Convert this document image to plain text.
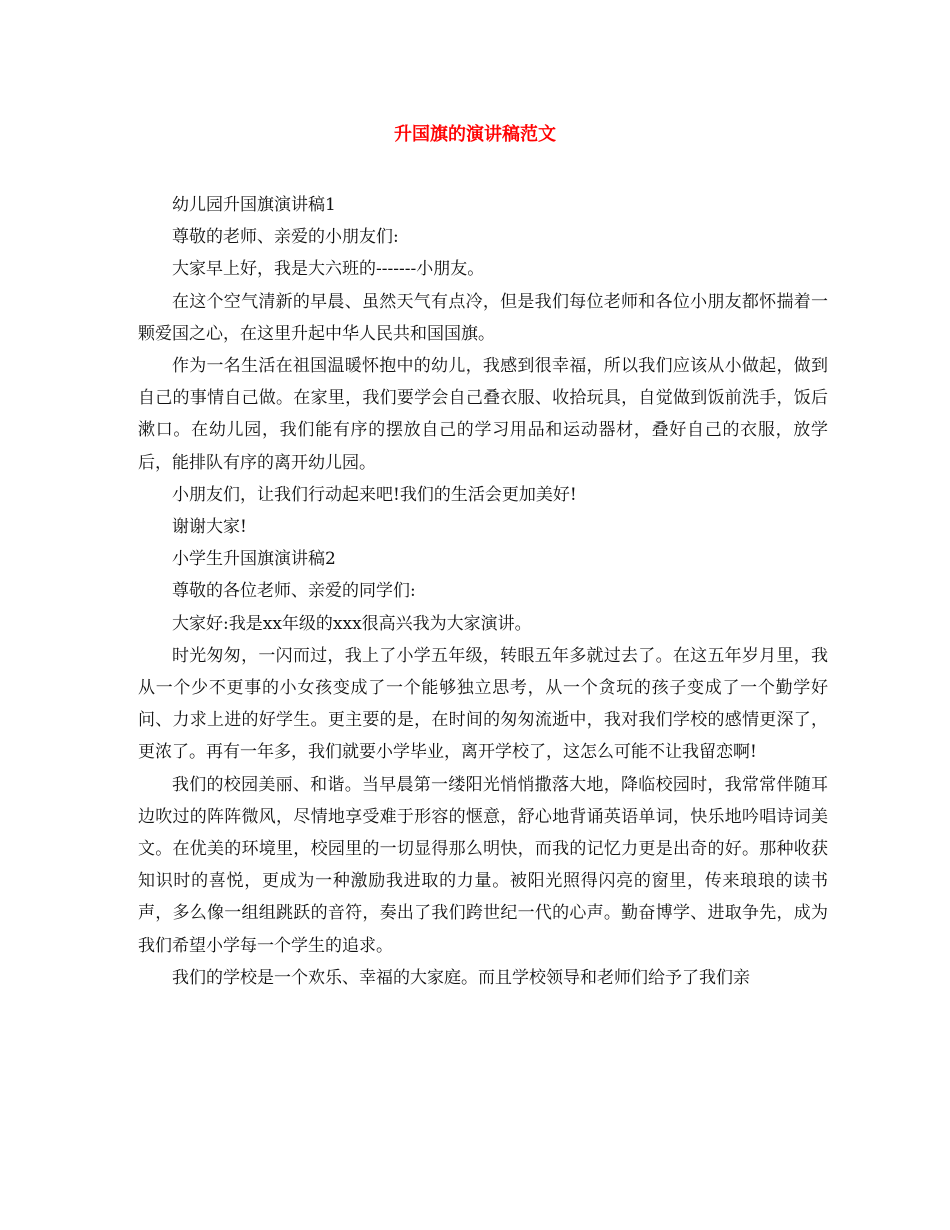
升国旗的演讲稿范文

幼儿园升国旗演讲稿1

尊敬的老师、亲爱的小朋友们:

大家早上好，我是大六班的-------小朋友。

在这个空气清新的早晨、虽然天气有点冷，但是我们每位老师和各位小朋友都怀揣着一颗爱国之心，在这里升起中华人民共和国国旗。

作为一名生活在祖国温暖怀抱中的幼儿，我感到很幸福，所以我们应该从小做起，做到自己的事情自己做。在家里，我们要学会自己叠衣服、收拾玩具，自觉做到饭前洗手，饭后漱口。在幼儿园，我们能有序的摆放自己的学习用品和运动器材，叠好自己的衣服，放学后，能排队有序的离开幼儿园。

小朋友们，让我们行动起来吧!我们的生活会更加美好!

谢谢大家!

小学生升国旗演讲稿2

尊敬的各位老师、亲爱的同学们:

大家好:我是xx年级的xxx很高兴我为大家演讲。

时光匆匆，一闪而过，我上了小学五年级，转眼五年多就过去了。在这五年岁月里，我从一个少不更事的小女孩变成了一个能够独立思考，从一个贪玩的孩子变成了一个勤学好问、力求上进的好学生。更主要的是，在时间的匆匆流逝中，我对我们学校的感情更深了，更浓了。再有一年多，我们就要小学毕业，离开学校了，这怎么可能不让我留恋啊!

我们的校园美丽、和谐。当早晨第一缕阳光悄悄撒落大地，降临校园时，我常常伴随耳边吹过的阵阵微风，尽情地享受难于形容的惬意，舒心地背诵英语单词，快乐地吟唱诗词美文。在优美的环境里，校园里的一切显得那么明快，而我的记忆力更是出奇的好。那种收获知识时的喜悦，更成为一种激励我进取的力量。被阳光照得闪亮的窗里，传来琅琅的读书声，多么像一组组跳跃的音符，奏出了我们跨世纪一代的心声。勤奋博学、进取争先，成为我们希望小学每一个学生的追求。

我们的学校是一个欢乐、幸福的大家庭。而且学校领导和老师们给予了我们亲
